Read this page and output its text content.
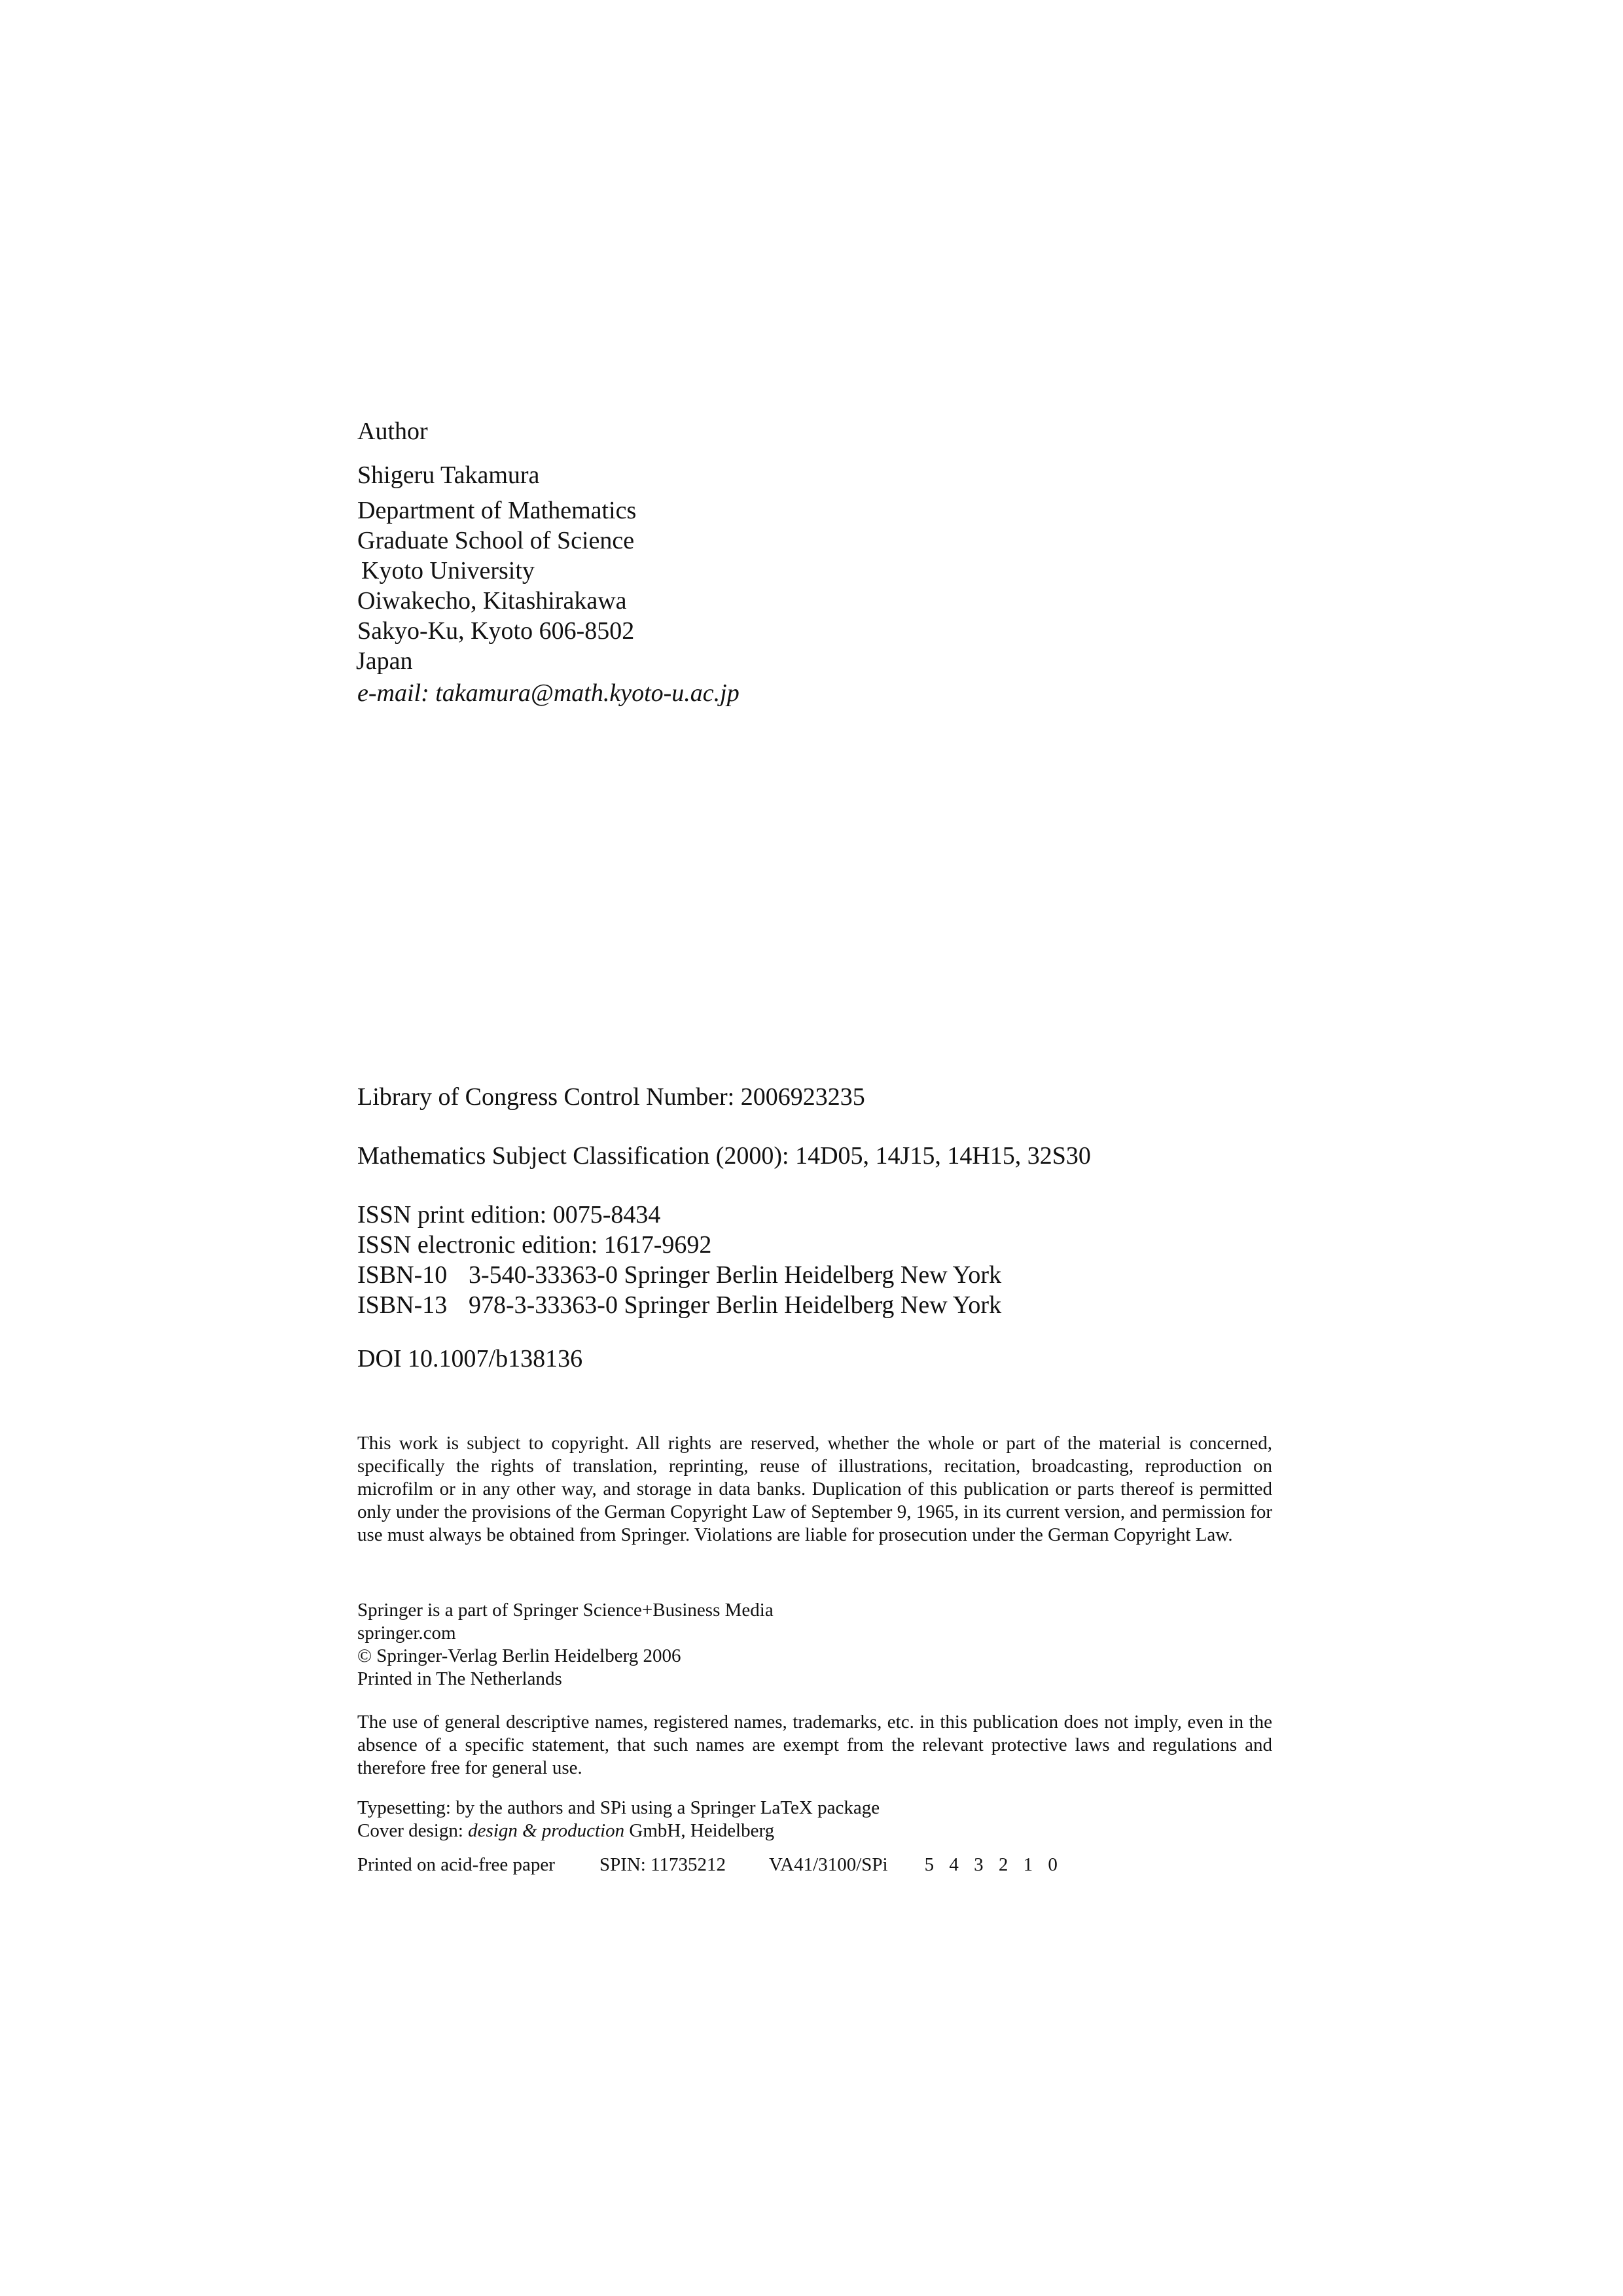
Author
Shigeru Takamura
Department of Mathematics
Graduate School of Science
Kyoto University
Oiwakecho, Kitashirakawa
Sakyo-Ku, Kyoto 606-8502
Japan
e-mail: takamura@math.kyoto-u.ac.jp
Library of Congress Control Number: 2006923235
Mathematics Subject Classification (2000): 14D05, 14J15, 14H15, 32S30
ISSN print edition: 0075-8434
ISSN electronic edition: 1617-9692
ISBN-10 3-540-33363-0 Springer Berlin Heidelberg New York
ISBN-13 978-3-33363-0 Springer Berlin Heidelberg New York
DOI 10.1007/b138136
This work is subject to copyright. All rights are reserved, whether the whole or part of the material is concerned, specifically the rights of translation, reprinting, reuse of illustrations, recitation, broadcasting, reproduction on microfilm or in any other way, and storage in data banks. Duplication of this publication or parts thereof is permitted only under the provisions of the German Copyright Law of September 9, 1965, in its current version, and permission for use must always be obtained from Springer. Violations are liable for prosecution under the German Copyright Law.
Springer is a part of Springer Science+Business Media
springer.com
© Springer-Verlag Berlin Heidelberg 2006
Printed in The Netherlands
The use of general descriptive names, registered names, trademarks, etc. in this publication does not imply, even in the absence of a specific statement, that such names are exempt from the relevant protective laws and regulations and therefore free for general use.
Typesetting: by the authors and SPi using a Springer LaTeX package
Cover design: design & production GmbH, Heidelberg
Printed on acid-free paper SPIN: 11735212 VA41/3100/SPi 5 4 3 2 1 0
